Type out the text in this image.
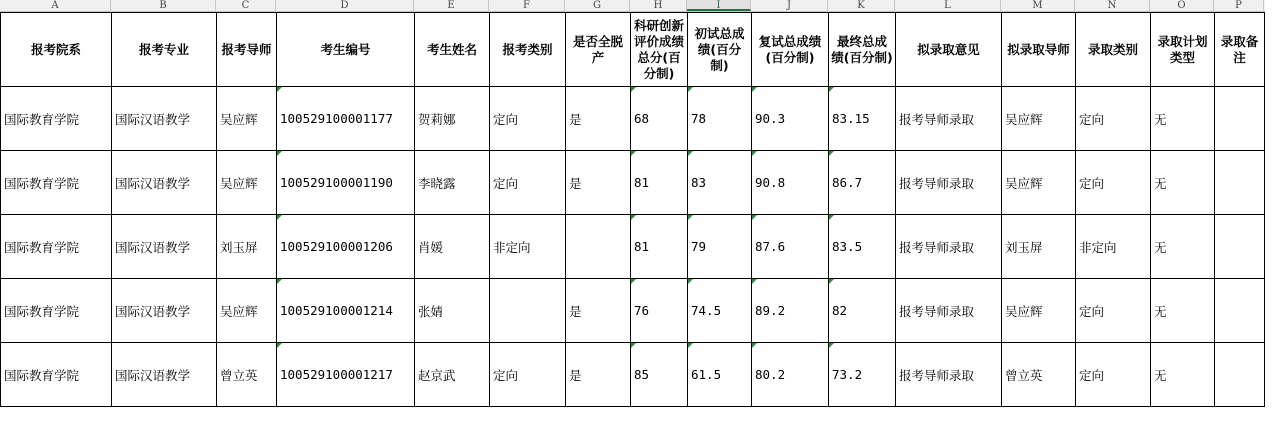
A	B	C	D	E	F	G	H	I	J	K	L	M	N	O	P
报考院系	报考专业	报考导师	考生编号	考生姓名	报考类别	是否全脱产	科研创新评价成绩总分(百分制)	初试总成绩(百分制)	复试总成绩(百分制)	最终总成绩(百分制)	拟录取意见	拟录取导师	录取类别	录取计划类型	录取备注
国际教育学院	国际汉语教学	吴应辉	100529100001177	贺莉娜	定向	是	68	78	90.3	83.15	报考导师录取	吴应辉	定向	无	
国际教育学院	国际汉语教学	吴应辉	100529100001190	李晓露	定向	是	81	83	90.8	86.7	报考导师录取	吴应辉	定向	无	
国际教育学院	国际汉语教学	刘玉屏	100529100001206	肖媛	非定向		81	79	87.6	83.5	报考导师录取	刘玉屏	非定向	无	
国际教育学院	国际汉语教学	吴应辉	100529100001214	张婧		是	76	74.5	89.2	82	报考导师录取	吴应辉	定向	无	
国际教育学院	国际汉语教学	曾立英	100529100001217	赵京武	定向	是	85	61.5	80.2	73.2	报考导师录取	曾立英	定向	无	
